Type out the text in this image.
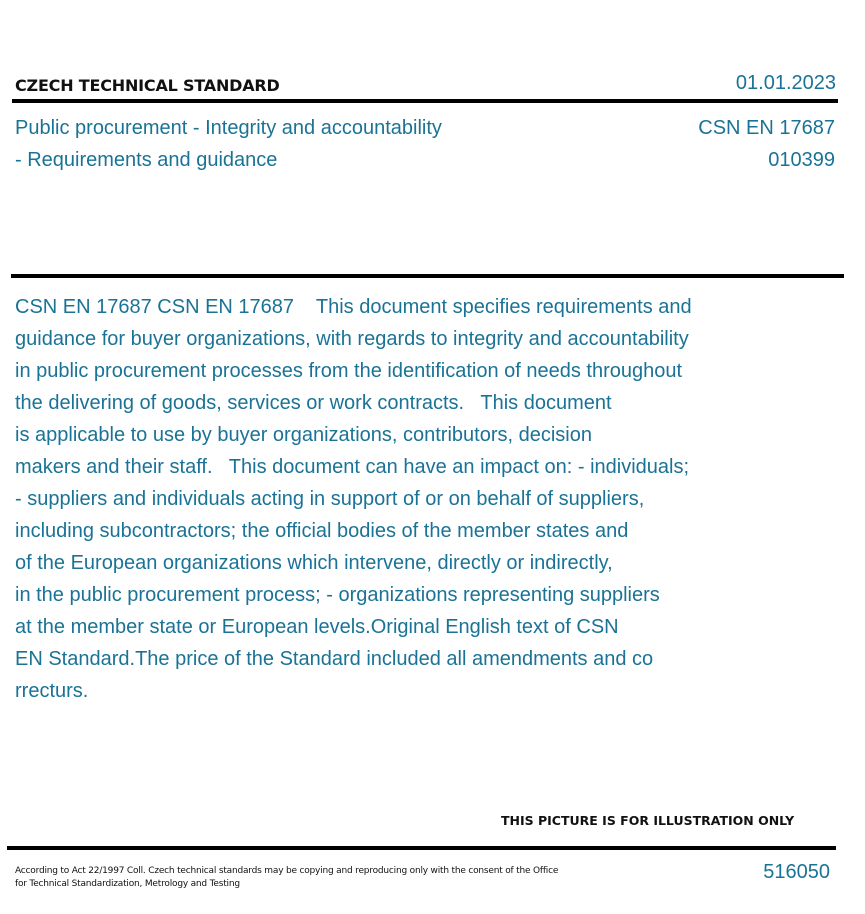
CZECH TECHNICAL STANDARD	01.01.2023
Public procurement - Integrity and accountability
- Requirements and guidance
CSN EN 17687
010399
CSN EN 17687 CSN EN 17687    This document specifies requirements and
guidance for buyer organizations, with regards to integrity and accountability
in public procurement processes from the identification of needs throughout
the delivering of goods, services or work contracts.   This document
is applicable to use by buyer organizations, contributors, decision
makers and their staff.   This document can have an impact on: - individuals;
- suppliers and individuals acting in support of or on behalf of suppliers,
including subcontractors; the official bodies of the member states and
of the European organizations which intervene, directly or indirectly,
in the public procurement process; - organizations representing suppliers
at the member state or European levels.Original English text of CSN
EN Standard.The price of the Standard included all amendments and co
rrecturs.
THIS PICTURE IS FOR ILLUSTRATION ONLY
According to Act 22/1997 Coll. Czech technical standards may be copying and reproducing only with the consent of the Office
for Technical Standardization, Metrology and Testing
516050
